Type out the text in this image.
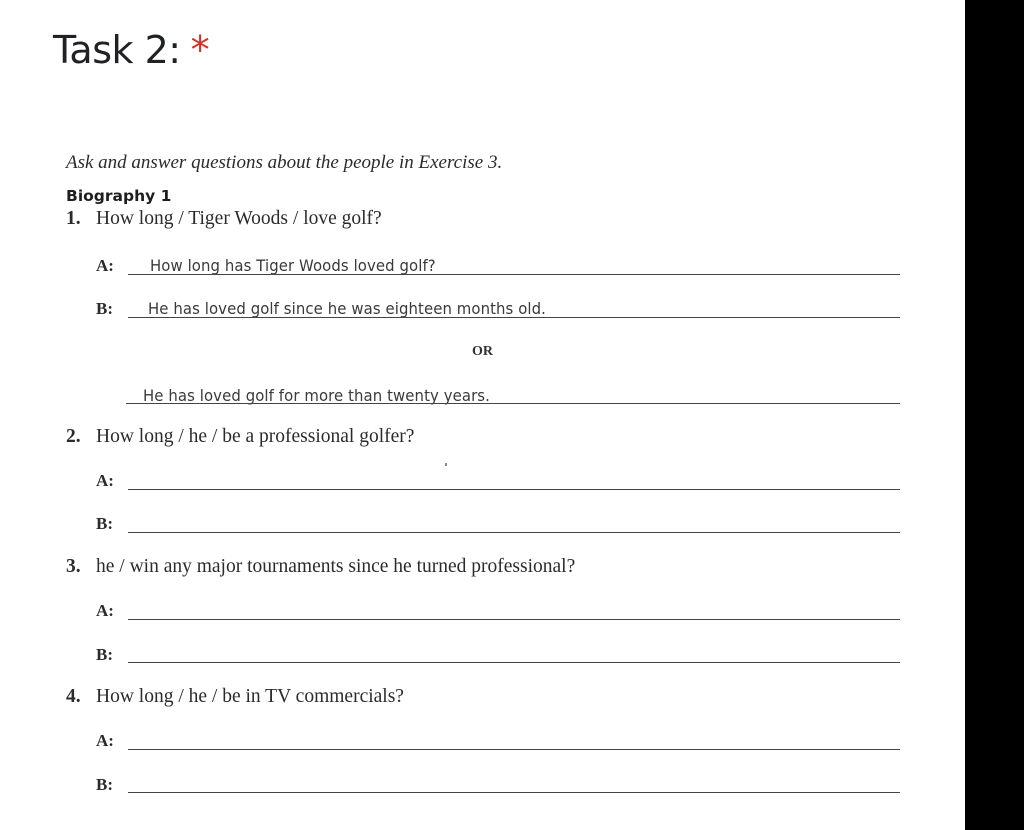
Task 2: *
Ask and answer questions about the people in Exercise 3.
Biography 1
1. How long / Tiger Woods / love golf?
A: How long has Tiger Woods loved golf?
B: He has loved golf since he was eighteen months old.
OR
He has loved golf for more than twenty years.
2. How long / he / be a professional golfer?
A:
B:
3. he / win any major tournaments since he turned professional?
A:
B:
4. How long / he / be in TV commercials?
A:
B:
